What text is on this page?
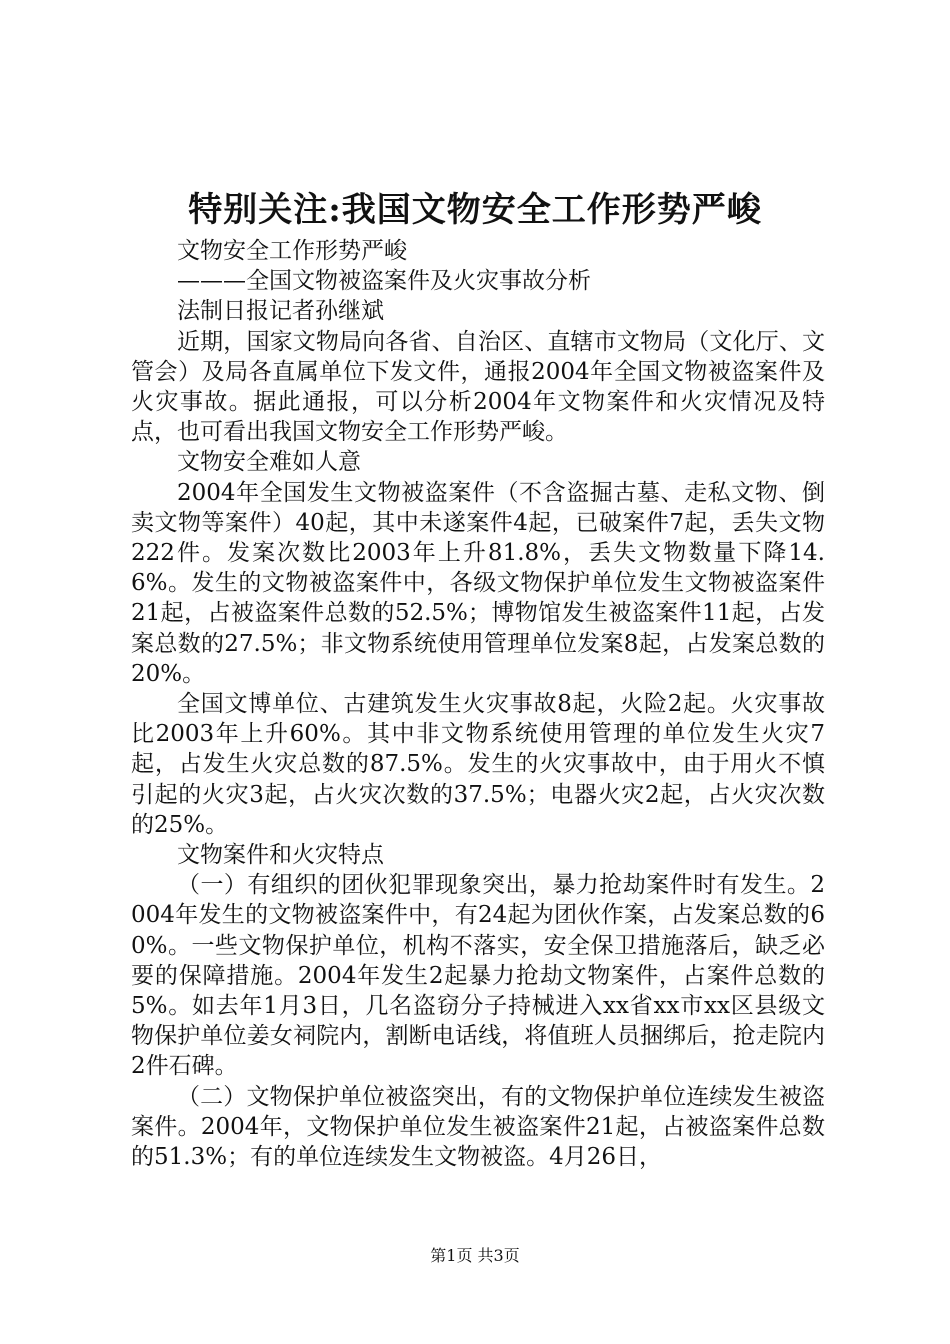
特别关注:我国文物安全工作形势严峻

文物安全工作形势严峻

———全国文物被盗案件及火灾事故分析

法制日报记者孙继斌

近期，国家文物局向各省、自治区、直辖市文物局（文化厅、文管会）及局各直属单位下发文件，通报2004年全国文物被盗案件及火灾事故。据此通报，可以分析2004年文物案件和火灾情况及特点，也可看出我国文物安全工作形势严峻。

文物安全难如人意

2004年全国发生文物被盗案件（不含盗掘古墓、走私文物、倒卖文物等案件）40起，其中未遂案件4起，已破案件7起，丢失文物222件。发案次数比2003年上升81.8%，丢失文物数量下降14.6%。发生的文物被盗案件中，各级文物保护单位发生文物被盗案件21起，占被盗案件总数的52.5%；博物馆发生被盗案件11起，占发案总数的27.5%；非文物系统使用管理单位发案8起，占发案总数的20%。

全国文博单位、古建筑发生火灾事故8起，火险2起。火灾事故比2003年上升60%。其中非文物系统使用管理的单位发生火灾7起，占发生火灾总数的87.5%。发生的火灾事故中，由于用火不慎引起的火灾3起，占火灾次数的37.5%；电器火灾2起，占火灾次数的25%。

文物案件和火灾特点

（一）有组织的团伙犯罪现象突出，暴力抢劫案件时有发生。2004年发生的文物被盗案件中，有24起为团伙作案，占发案总数的60%。一些文物保护单位，机构不落实，安全保卫措施落后，缺乏必要的保障措施。2004年发生2起暴力抢劫文物案件，占案件总数的5%。如去年1月3日，几名盗窃分子持械进入xx省xx市xx区县级文物保护单位姜女祠院内，割断电话线，将值班人员捆绑后，抢走院内2件石碑。

（二）文物保护单位被盗突出，有的文物保护单位连续发生被盗案件。2004年，文物保护单位发生被盗案件21起，占被盗案件总数的51.3%；有的单位连续发生文物被盗。4月26日，

第1页 共3页
